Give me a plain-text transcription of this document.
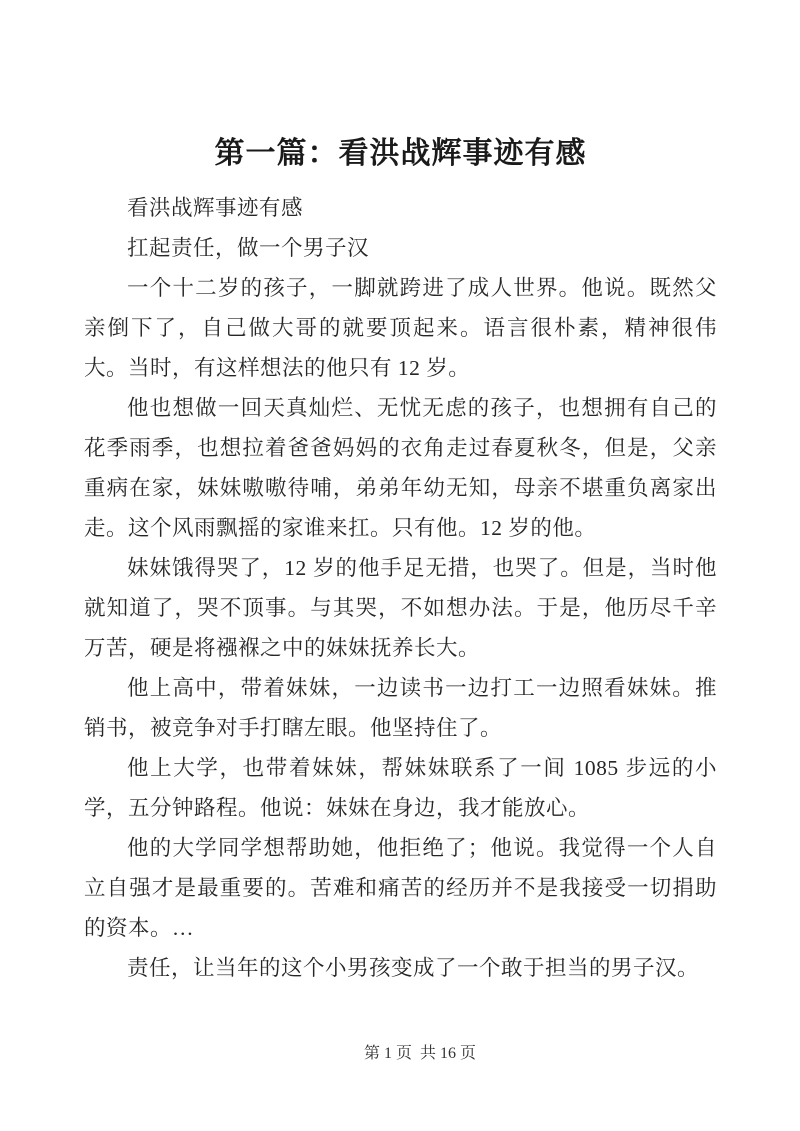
第一篇：看洪战辉事迹有感

看洪战辉事迹有感

扛起责任，做一个男子汉

一个十二岁的孩子，一脚就跨进了成人世界。他说。既然父亲倒下了，自己做大哥的就要顶起来。语言很朴素，精神很伟大。当时，有这样想法的他只有 12 岁。

他也想做一回天真灿烂、无忧无虑的孩子，也想拥有自己的花季雨季，也想拉着爸爸妈妈的衣角走过春夏秋冬，但是，父亲重病在家，妹妹嗷嗷待哺，弟弟年幼无知，母亲不堪重负离家出走。这个风雨飘摇的家谁来扛。只有他。12 岁的他。

妹妹饿得哭了，12 岁的他手足无措，也哭了。但是，当时他就知道了，哭不顶事。与其哭，不如想办法。于是，他历尽千辛万苦，硬是将襁褓之中的妹妹抚养长大。

他上高中，带着妹妹，一边读书一边打工一边照看妹妹。推销书，被竞争对手打瞎左眼。他坚持住了。

他上大学，也带着妹妹，帮妹妹联系了一间 1085 步远的小学，五分钟路程。他说：妹妹在身边，我才能放心。

他的大学同学想帮助她，他拒绝了；他说。我觉得一个人自立自强才是最重要的。苦难和痛苦的经历并不是我接受一切捐助的资本。…

责任，让当年的这个小男孩变成了一个敢于担当的男子汉。

第 1 页  共 16 页
